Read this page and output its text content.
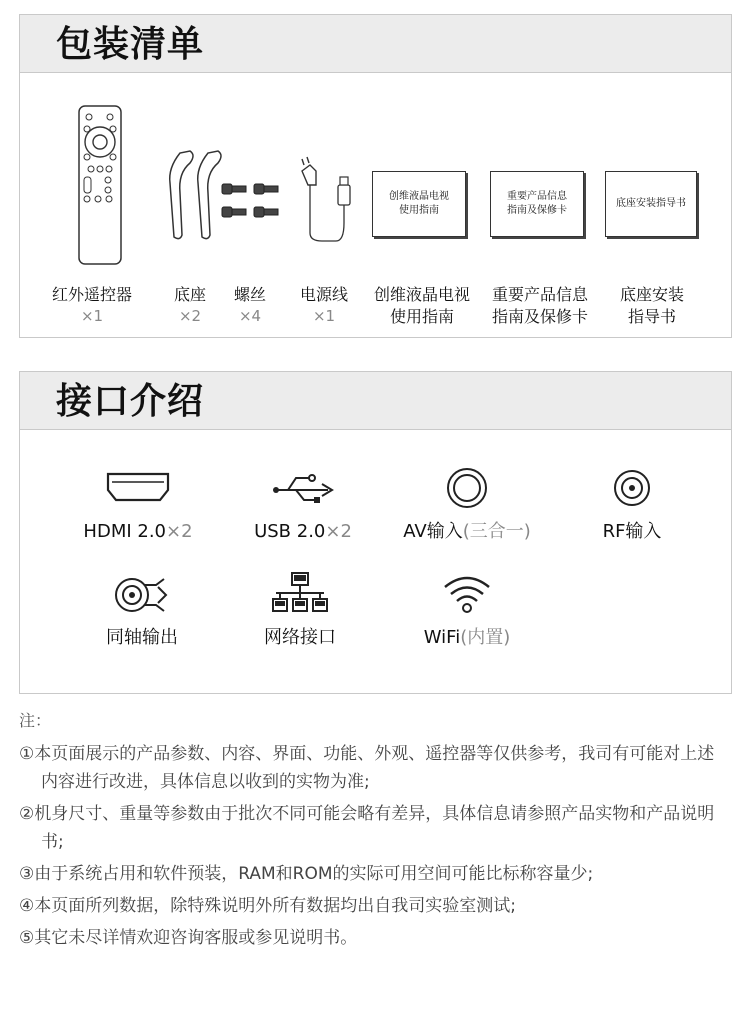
包装清单
红外遥控器
×1
底座
×2
螺丝
×4
电源线
×1
创维液晶电视
使用指南
创维液晶电视
使用指南
重要产品信息
指南及保修卡
重要产品信息
指南及保修卡
底座安装指导书
底座安装
指导书
接口介绍
HDMI 2.0×2	USB 2.0×2	AV输入(三合一)	RF输入
同轴输出	网络接口	WiFi(内置)
注：
①本页面展示的产品参数、内容、界面、功能、外观、遥控器等仅供参考，我司有可能对上述内容进行改进，具体信息以收到的实物为准;
②机身尺寸、重量等参数由于批次不同可能会略有差异，具体信息请参照产品实物和产品说明书;
③由于系统占用和软件预装，RAM和ROM的实际可用空间可能比标称容量少;
④本页面所列数据，除特殊说明外所有数据均出自我司实验室测试;
⑤其它未尽详情欢迎咨询客服或参见说明书。
